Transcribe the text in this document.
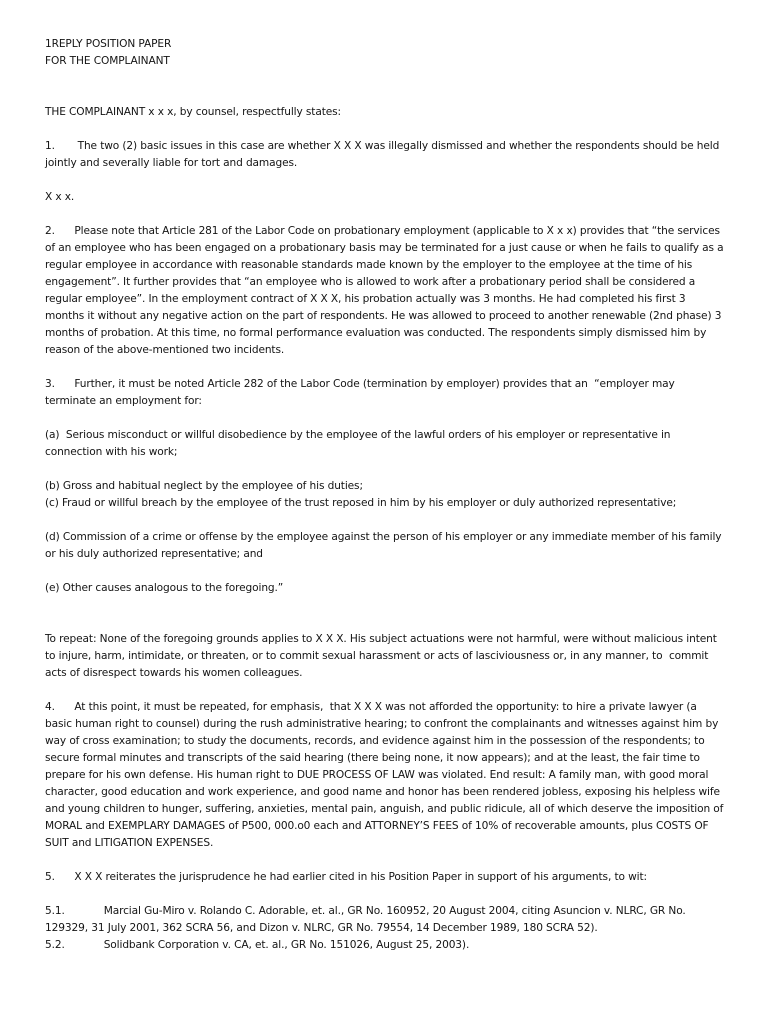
1REPLY POSITION PAPER

FOR THE COMPLAINANT

THE COMPLAINANT x x x, by counsel, respectfully states:

1.       The two (2) basic issues in this case are whether X X X was illegally dismissed and whether the respondents should be held jointly and severally liable for tort and damages.

X x x.

2.      Please note that Article 281 of the Labor Code on probationary employment (applicable to X x x) provides that “the services of an employee who has been engaged on a probationary basis may be terminated for a just cause or when he fails to qualify as a regular employee in accordance with reasonable standards made known by the employer to the employee at the time of his engagement”. It further provides that “an employee who is allowed to work after a probationary period shall be considered a regular employee”. In the employment contract of X X X, his probation actually was 3 months. He had completed his first 3 months it without any negative action on the part of respondents. He was allowed to proceed to another renewable (2nd phase) 3 months of probation. At this time, no formal performance evaluation was conducted. The respondents simply dismissed him by reason of the above-mentioned two incidents.

3.      Further, it must be noted Article 282 of the Labor Code (termination by employer) provides that an  “employer may terminate an employment for:

(a)  Serious misconduct or willful disobedience by the employee of the lawful orders of his employer or representative in connection with his work;

(b) Gross and habitual neglect by the employee of his duties;

(c) Fraud or willful breach by the employee of the trust reposed in him by his employer or duly authorized representative;

(d) Commission of a crime or offense by the employee against the person of his employer or any immediate member of his family or his duly authorized representative; and

(e) Other causes analogous to the foregoing.”

To repeat: None of the foregoing grounds applies to X X X. His subject actuations were not harmful, were without malicious intent to injure, harm, intimidate, or threaten, or to commit sexual harassment or acts of lasciviousness or, in any manner, to  commit acts of disrespect towards his women colleagues.

4.      At this point, it must be repeated, for emphasis,  that X X X was not afforded the opportunity: to hire a private lawyer (a basic human right to counsel) during the rush administrative hearing; to confront the complainants and witnesses against him by way of cross examination; to study the documents, records, and evidence against him in the possession of the respondents; to secure formal minutes and transcripts of the said hearing (there being none, it now appears); and at the least, the fair time to prepare for his own defense. His human right to DUE PROCESS OF LAW was violated. End result: A family man, with good moral character, good education and work experience, and good name and honor has been rendered jobless, exposing his helpless wife and young children to hunger, suffering, anxieties, mental pain, anguish, and public ridicule, all of which deserve the imposition of MORAL and EXEMPLARY DAMAGES of P500, 000.o0 each and ATTORNEY’S FEES of 10% of recoverable amounts, plus COSTS OF SUIT and LITIGATION EXPENSES.

5.      X X X reiterates the jurisprudence he had earlier cited in his Position Paper in support of his arguments, to wit:

5.1.            Marcial Gu-Miro v. Rolando C. Adorable, et. al., GR No. 160952, 20 August 2004, citing Asuncion v. NLRC, GR No. 129329, 31 July 2001, 362 SCRA 56, and Dizon v. NLRC, GR No. 79554, 14 December 1989, 180 SCRA 52).

5.2.            Solidbank Corporation v. CA, et. al., GR No. 151026, August 25, 2003).
